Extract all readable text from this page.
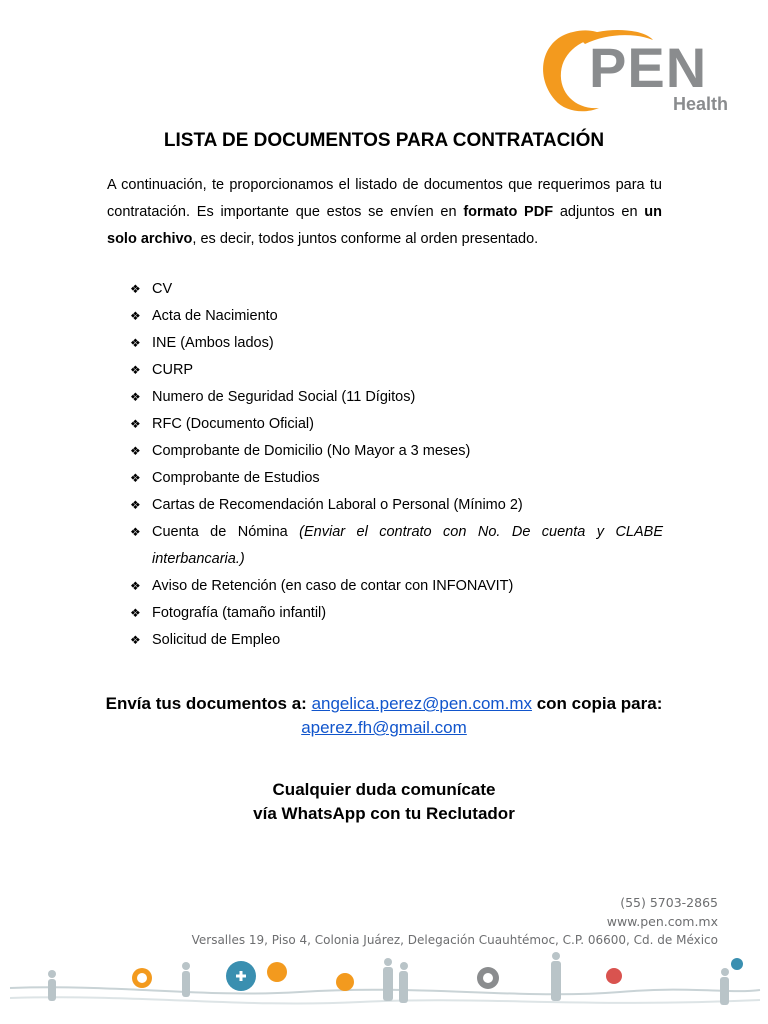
PEN
Health
LISTA DE DOCUMENTOS PARA CONTRATACIÓN
A continuación, te proporcionamos el listado de documentos que requerimos para tu contratación. Es importante que estos se envíen en formato PDF adjuntos en un solo archivo, es decir, todos juntos conforme al orden presentado.
❖ CV
❖ Acta de Nacimiento
❖ INE (Ambos lados)
❖ CURP
❖ Numero de Seguridad Social (11 Dígitos)
❖ RFC (Documento Oficial)
❖ Comprobante de Domicilio (No Mayor a 3 meses)
❖ Comprobante de Estudios
❖ Cartas de Recomendación Laboral o Personal (Mínimo 2)
❖ Cuenta de Nómina (Enviar el contrato con No. De cuenta y CLABE interbancaria.)
❖ Aviso de Retención (en caso de contar con INFONAVIT)
❖ Fotografía (tamaño infantil)
❖ Solicitud de Empleo
Envía tus documentos a: angelica.perez@pen.com.mx con copia para: aperez.fh@gmail.com
Cualquier duda comunícate
vía WhatsApp con tu Reclutador
(55) 5703-2865
www.pen.com.mx
Versalles 19, Piso 4, Colonia Juárez, Delegación Cuauhtémoc, C.P. 06600, Cd. de México
